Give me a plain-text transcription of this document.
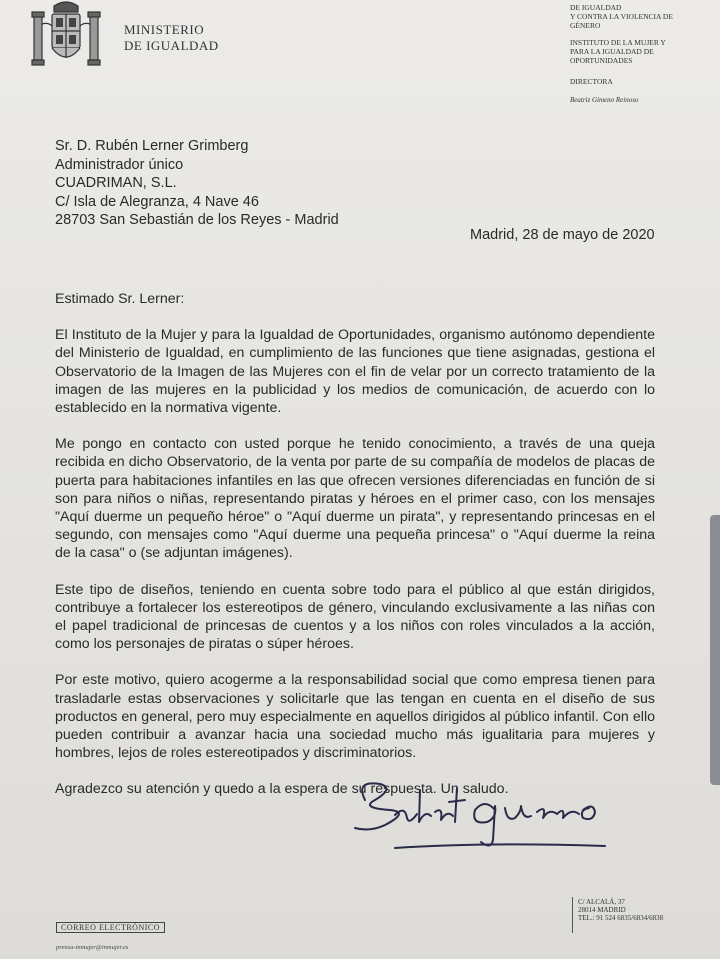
MINISTERIO
DE IGUALDAD
DE IGUALDAD
Y CONTRA LA VIOLENCIA DE
GÉNERO
INSTITUTO DE LA MUJER Y
PARA LA IGUALDAD DE
OPORTUNIDADES
DIRECTORA
Beatriz Gimeno Reinoso
Sr. D. Rubén Lerner Grimberg
Administrador único
CUADRIMAN, S.L.
C/ Isla de Alegranza, 4 Nave 46
28703 San Sebastián de los Reyes - Madrid
Madrid, 28 de mayo de 2020

Estimado Sr. Lerner:

El Instituto de la Mujer y para la Igualdad de Oportunidades, organismo autónomo dependiente del Ministerio de Igualdad, en cumplimiento de las funciones que tiene asignadas, gestiona el Observatorio de la Imagen de las Mujeres con el fin de velar por un correcto tratamiento de la imagen de las mujeres en la publicidad y los medios de comunicación, de acuerdo con lo establecido en la normativa vigente.

Me pongo en contacto con usted porque he tenido conocimiento, a través de una queja recibida en dicho Observatorio, de la venta por parte de su compañía de modelos de placas de puerta para habitaciones infantiles en las que ofrecen versiones diferenciadas en función de si son para niños o niñas, representando piratas y héroes en el primer caso, con los mensajes "Aquí duerme un pequeño héroe" o "Aquí duerme un pirata", y representando princesas en el segundo, con mensajes como "Aquí duerme una pequeña princesa" o "Aquí duerme la reina de la casa" o (se adjuntan imágenes).

Este tipo de diseños, teniendo en cuenta sobre todo para el público al que están dirigidos, contribuye a fortalecer los estereotipos de género, vinculando exclusivamente a las niñas con el papel tradicional de princesas de cuentos y a los niños con roles vinculados a la acción, como los personajes de piratas o súper héroes.

Por este motivo, quiero acogerme a la responsabilidad social que como empresa tienen para trasladarle estas observaciones y solicitarle que las tengan en cuenta en el diseño de sus productos en general, pero muy especialmente en aquellos dirigidos al público infantil. Con ello pueden contribuir a avanzar hacia una sociedad mucho más igualitaria para mujeres y hombres, lejos de roles estereotipados y discriminatorios.

Agradezco su atención y quedo a la espera de su respuesta. Un saludo.

CORREO ELECTRÓNICO
prensa-inmujer@inmujer.es
C/ ALCALÁ, 37
28014 MADRID
TEL.: 91 524 6835/6834/6838
